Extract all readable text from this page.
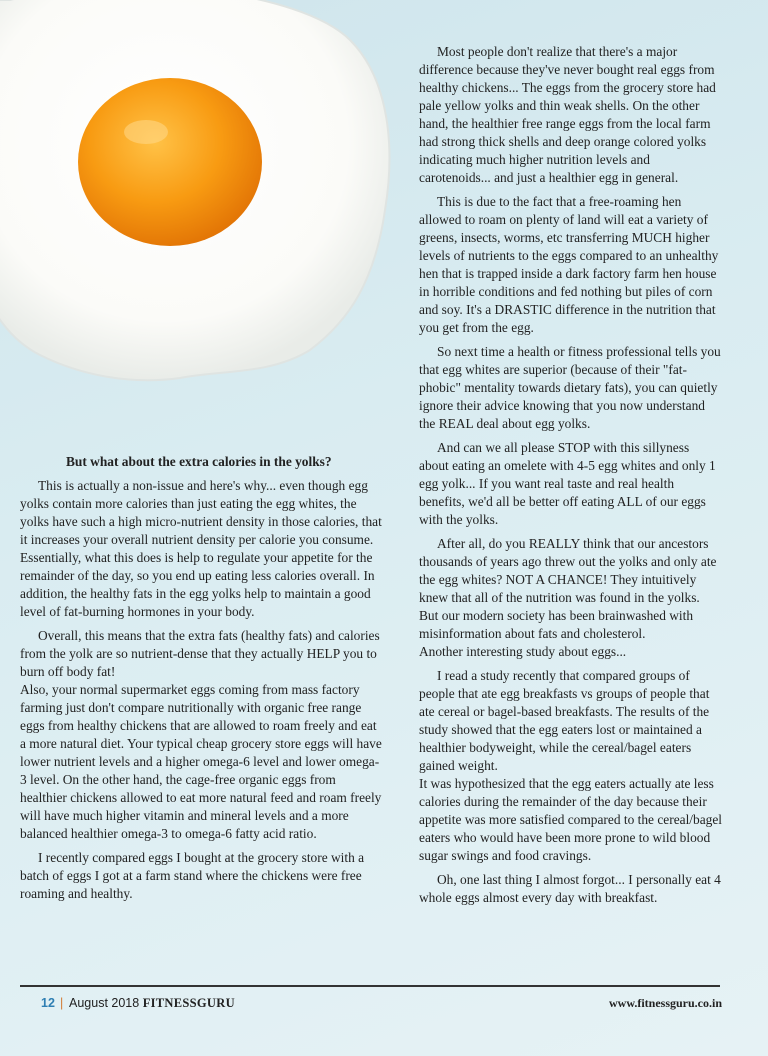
But what about the extra calories in the yolks?

This is actually a non-issue and here's why... even though egg yolks contain more calories than just eating the egg whites, the yolks have such a high micro-nutrient density in those calories, that it increases your overall nutrient density per calorie you consume. Essentially, what this does is help to regulate your appetite for the remainder of the day, so you end up eating less calories overall. In addition, the healthy fats in the egg yolks help to maintain a good level of fat-burning hormones in your body.

Overall, this means that the extra fats (healthy fats) and calories from the yolk are so nutrient-dense that they actually HELP you to burn off body fat!

Also, your normal supermarket eggs coming from mass factory farming just don't compare nutritionally with organic free range eggs from healthy chickens that are allowed to roam freely and eat a more natural diet. Your typical cheap grocery store eggs will have lower nutrient levels and a higher omega-6 level and lower omega-3 level. On the other hand, the cage-free organic eggs from healthier chickens allowed to eat more natural feed and roam freely will have much higher vitamin and mineral levels and a more balanced healthier omega-3 to omega-6 fatty acid ratio.

I recently compared eggs I bought at the grocery store with a batch of eggs I got at a farm stand where the chickens were free roaming and healthy.

Most people don't realize that there's a major difference because they've never bought real eggs from healthy chickens... The eggs from the grocery store had pale yellow yolks and thin weak shells. On the other hand, the healthier free range eggs from the local farm had strong thick shells and deep orange colored yolks indicating much higher nutrition levels and carotenoids... and just a healthier egg in general.

This is due to the fact that a free-roaming hen allowed to roam on plenty of land will eat a variety of greens, insects, worms, etc transferring MUCH higher levels of nutrients to the eggs compared to an unhealthy hen that is trapped inside a dark factory farm hen house in horrible conditions and fed nothing but piles of corn and soy. It's a DRASTIC difference in the nutrition that you get from the egg.

So next time a health or fitness professional tells you that egg whites are superior (because of their "fat-phobic" mentality towards dietary fats), you can quietly ignore their advice knowing that you now understand the REAL deal about egg yolks.

And can we all please STOP with this sillyness about eating an omelete with 4-5 egg whites and only 1 egg yolk... If you want real taste and real health benefits, we'd all be better off eating ALL of our eggs with the yolks.

After all, do you REALLY think that our ancestors thousands of years ago threw out the yolks and only ate the egg whites? NOT A CHANCE! They intuitively knew that all of the nutrition was found in the yolks. But our modern society has been brainwashed with misinformation about fats and cholesterol.

Another interesting study about eggs...

I read a study recently that compared groups of people that ate egg breakfasts vs groups of people that ate cereal or bagel-based breakfasts. The results of the study showed that the egg eaters lost or maintained a healthier bodyweight, while the cereal/bagel eaters gained weight.

It was hypothesized that the egg eaters actually ate less calories during the remainder of the day because their appetite was more satisfied compared to the cereal/bagel eaters who would have been more prone to wild blood sugar swings and food cravings.

Oh, one last thing I almost forgot... I personally eat 4 whole eggs almost every day with breakfast.

12 | August 2018 FITNESSGURU	www.fitnessguru.co.in
